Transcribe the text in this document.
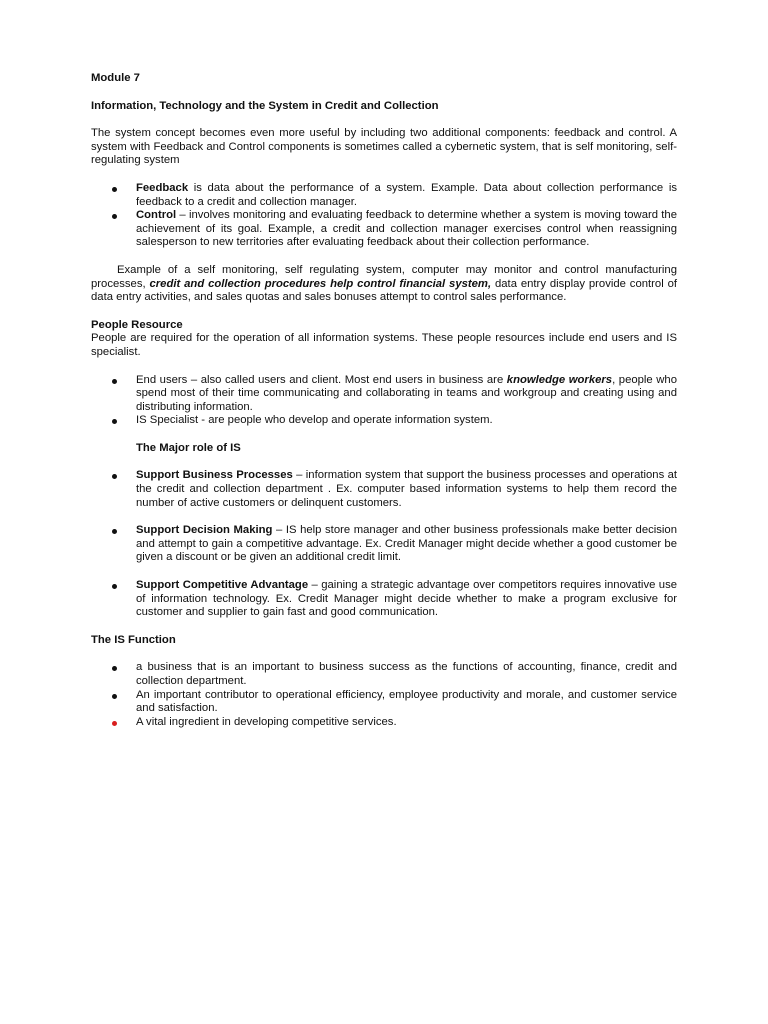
Module 7

Information, Technology and the System in Credit and Collection

The system concept becomes even more useful by including two additional components: feedback and control. A system with Feedback and Control components is sometimes called a cybernetic system, that is self monitoring, self-regulating system

Feedback is data about the performance of a system. Example. Data about collection performance is feedback to a credit and collection manager.
Control – involves monitoring and evaluating feedback to determine whether a system is moving toward the achievement of its goal. Example, a credit and collection manager exercises control when reassigning salesperson to new territories after evaluating feedback about their collection performance.

Example of a self monitoring, self regulating system, computer may monitor and control manufacturing processes, credit and collection procedures help control financial system, data entry display provide control of data entry activities, and sales quotas and sales bonuses attempt to control sales performance.

People Resource

People are required for the operation of all information systems. These people resources include end users and IS specialist.

End users – also called users and client. Most end users in business are knowledge workers, people who spend most of their time communicating and collaborating in teams and workgroup and creating using and distributing information.
IS Specialist - are people who develop and operate information system.

The Major role of IS

Support Business Processes – information system that support the business processes and operations at the credit and collection department . Ex. computer based information systems to help them record the number of active customers or delinquent customers.
Support Decision Making – IS help store manager and other business professionals make better decision and attempt to gain a competitive advantage. Ex. Credit Manager might decide whether a good customer be given a discount or be given an additional credit limit.
Support Competitive Advantage – gaining a strategic advantage over competitors requires innovative use of information technology. Ex. Credit Manager might decide whether to make a program exclusive for customer and supplier to gain fast and good communication.

The IS Function

a business that is an important to business success as the functions of accounting, finance, credit and collection department.
An important contributor to operational efficiency, employee productivity and morale, and customer service and satisfaction.
A vital ingredient in developing competitive services.
